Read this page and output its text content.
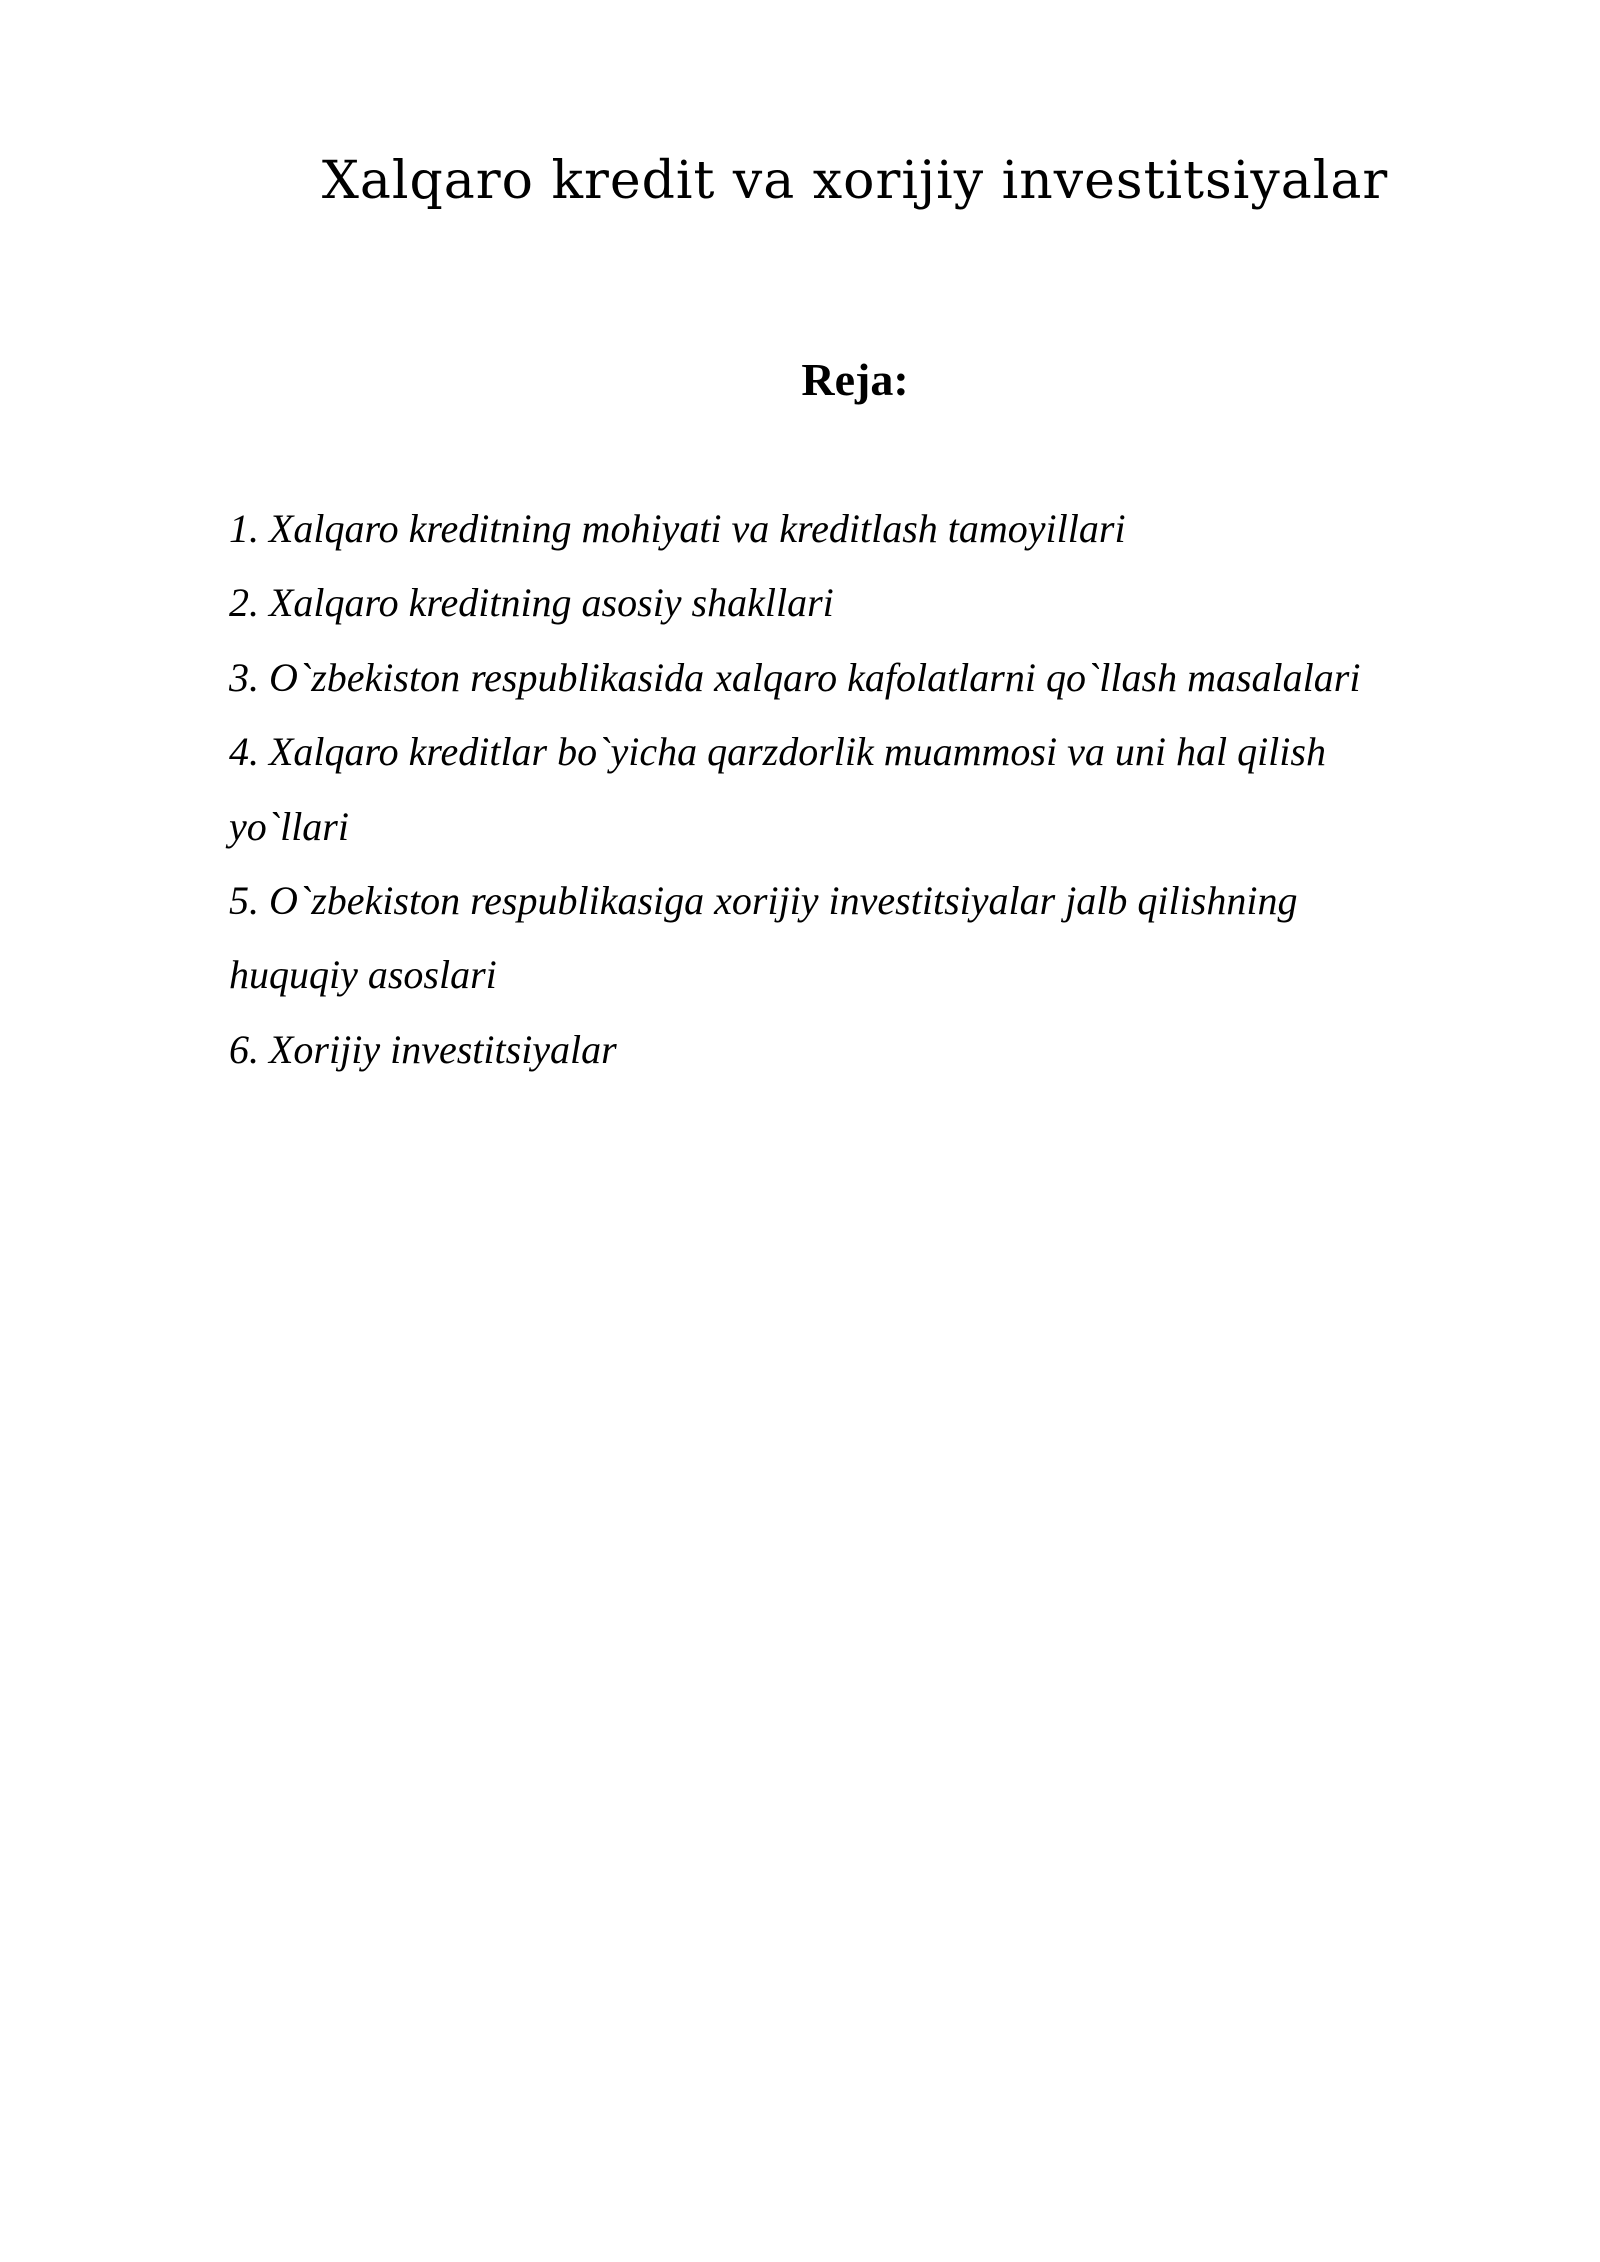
Xalqaro kredit va xorijiy investitsiyalar
Reja:
1. Xalqaro kreditning mohiyati va kreditlash tamoyillari
2. Xalqaro kreditning asosiy shakllari
3. O`zbekiston respublikasida xalqaro kafolatlarni qo`llash masalalari
4. Xalqaro kreditlar bo`yicha qarzdorlik muammosi va uni hal qilish yo`llari
5. O`zbekiston respublikasiga xorijiy investitsiyalar jalb qilishning huquqiy asoslari
6. Xorijiy investitsiyalar
